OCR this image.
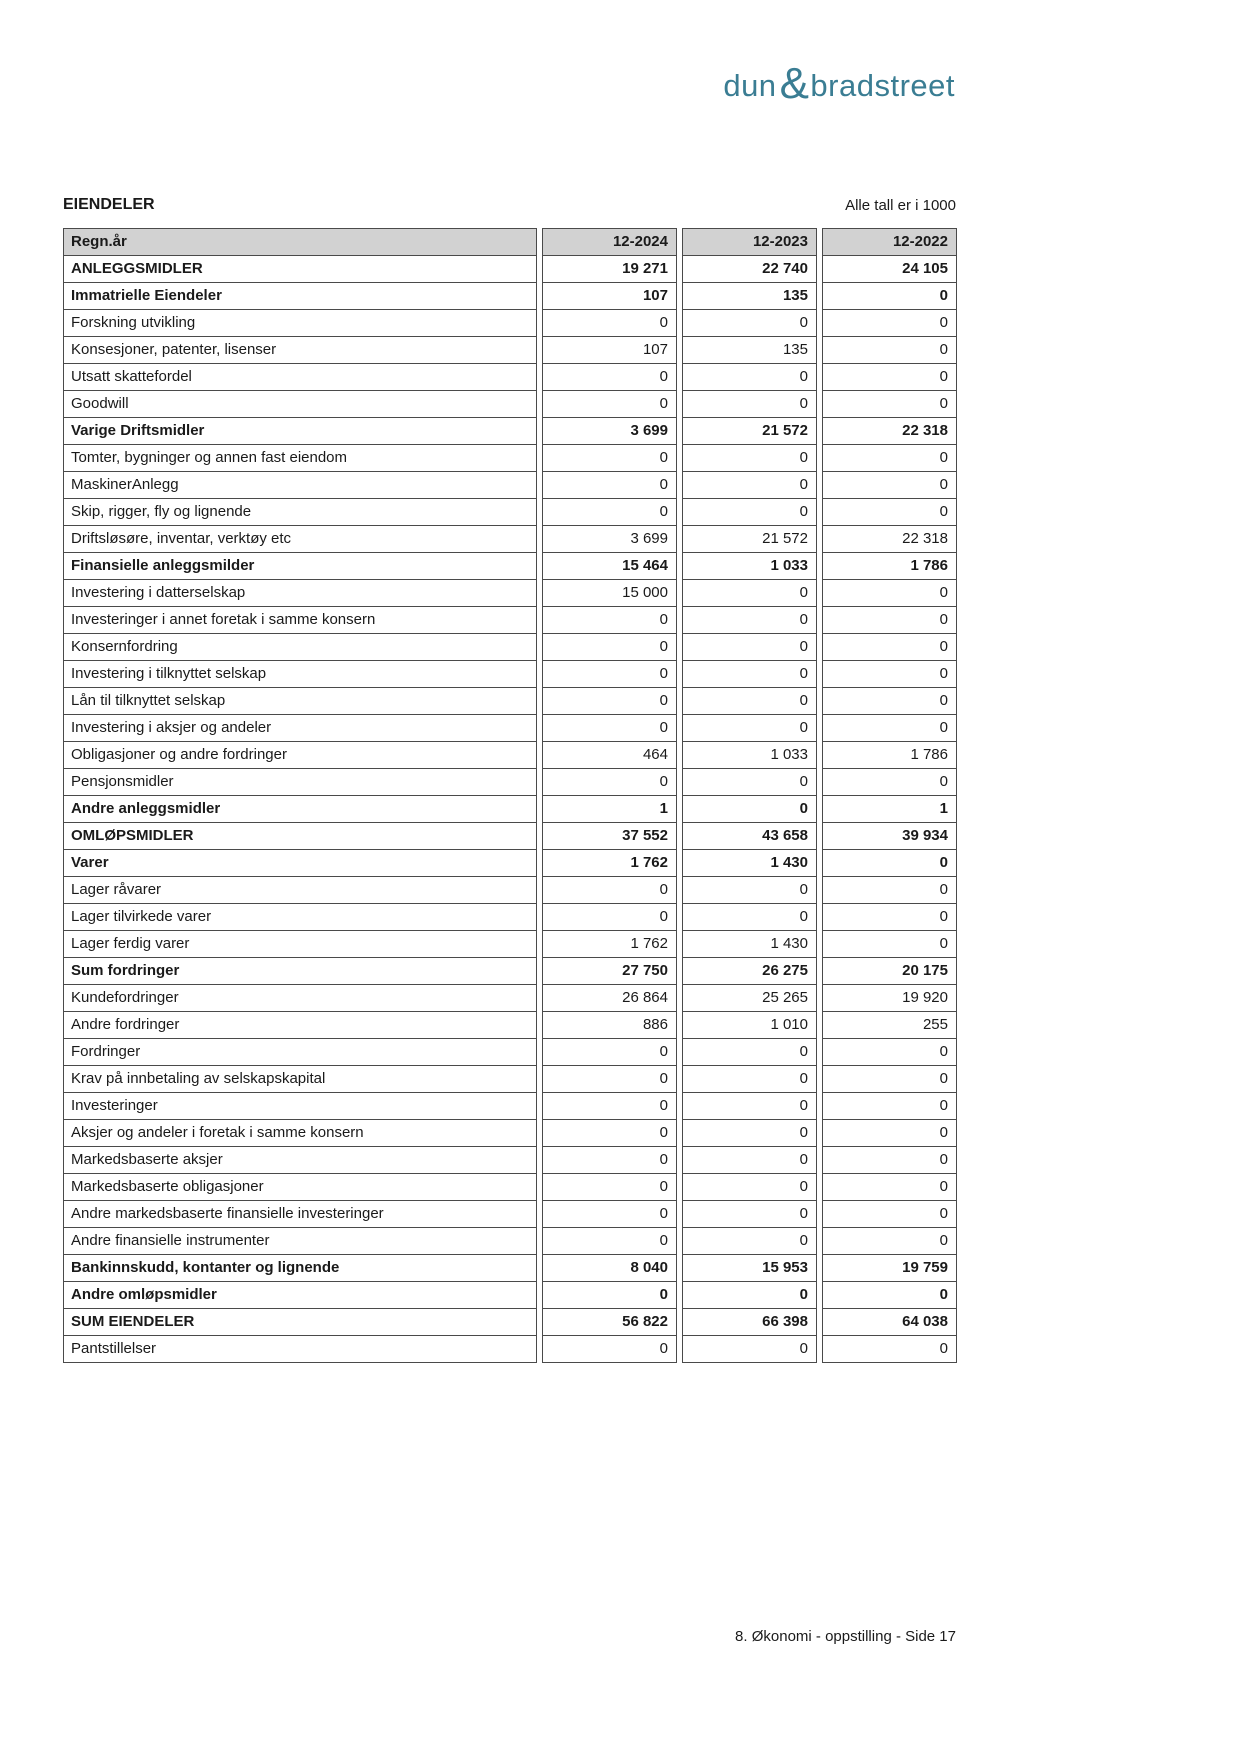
dun & bradstreet
EIENDELER	Alle tall er i 1000
Regn.år	12-2024	12-2023	12-2022
ANLEGGSMIDLER	19 271	22 740	24 105
Immatrielle Eiendeler	107	135	0
Forskning utvikling	0	0	0
Konsesjoner, patenter, lisenser	107	135	0
Utsatt skattefordel	0	0	0
Goodwill	0	0	0
Varige Driftsmidler	3 699	21 572	22 318
Tomter, bygninger og annen fast eiendom	0	0	0
MaskinerAnlegg	0	0	0
Skip, rigger, fly og lignende	0	0	0
Driftsløsøre, inventar, verktøy etc	3 699	21 572	22 318
Finansielle anleggsmilder	15 464	1 033	1 786
Investering i datterselskap	15 000	0	0
Investeringer i annet foretak i samme konsern	0	0	0
Konsernfordring	0	0	0
Investering i tilknyttet selskap	0	0	0
Lån til tilknyttet selskap	0	0	0
Investering i aksjer og andeler	0	0	0
Obligasjoner og andre fordringer	464	1 033	1 786
Pensjonsmidler	0	0	0
Andre anleggsmidler	1	0	1
OMLØPSMIDLER	37 552	43 658	39 934
Varer	1 762	1 430	0
Lager råvarer	0	0	0
Lager tilvirkede varer	0	0	0
Lager ferdig varer	1 762	1 430	0
Sum fordringer	27 750	26 275	20 175
Kundefordringer	26 864	25 265	19 920
Andre fordringer	886	1 010	255
Fordringer	0	0	0
Krav på innbetaling av selskapskapital	0	0	0
Investeringer	0	0	0
Aksjer og andeler i foretak i samme konsern	0	0	0
Markedsbaserte aksjer	0	0	0
Markedsbaserte obligasjoner	0	0	0
Andre markedsbaserte finansielle investeringer	0	0	0
Andre finansielle instrumenter	0	0	0
Bankinnskudd, kontanter og lignende	8 040	15 953	19 759
Andre omløpsmidler	0	0	0
SUM EIENDELER	56 822	66 398	64 038
Pantstillelser	0	0	0
8. Økonomi - oppstilling - Side 17
